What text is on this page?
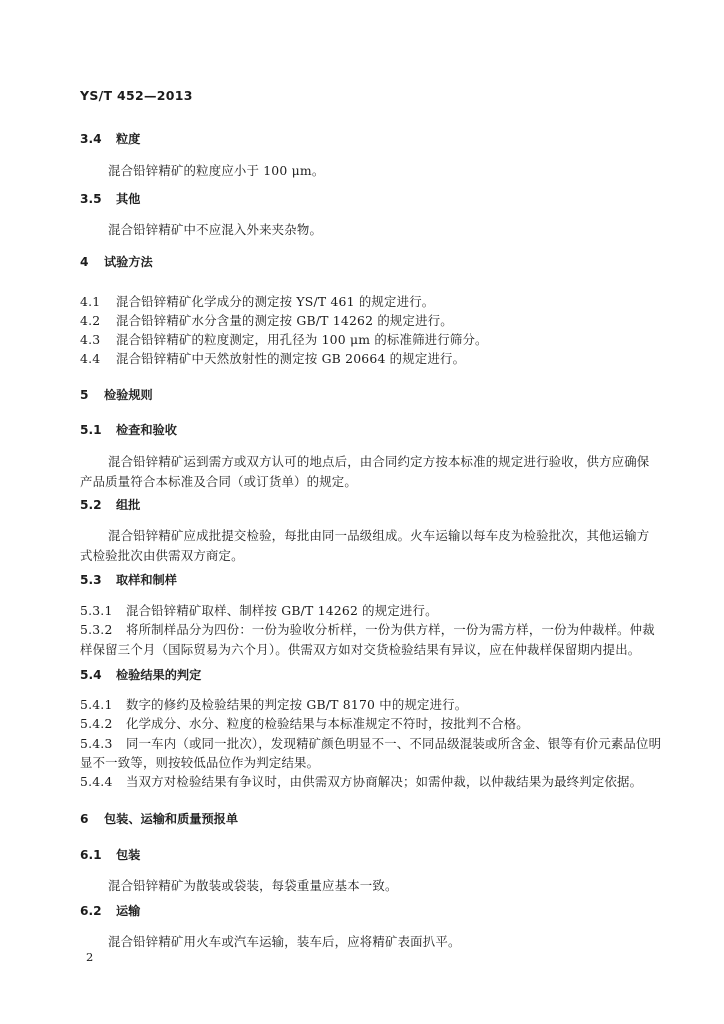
YS/T 452—2013
3.4 粒度
混合铅锌精矿的粒度应小于 100 μm。
3.5 其他
混合铅锌精矿中不应混入外来夹杂物。
4 试验方法
4.1 混合铅锌精矿化学成分的测定按 YS/T 461 的规定进行。
4.2 混合铅锌精矿水分含量的测定按 GB/T 14262 的规定进行。
4.3 混合铅锌精矿的粒度测定，用孔径为 100 μm 的标准筛进行筛分。
4.4 混合铅锌精矿中天然放射性的测定按 GB 20664 的规定进行。
5 检验规则
5.1 检查和验收
混合铅锌精矿运到需方或双方认可的地点后，由合同约定方按本标准的规定进行验收，供方应确保
产品质量符合本标准及合同（或订货单）的规定。
5.2 组批
混合铅锌精矿应成批提交检验，每批由同一品级组成。火车运输以每车皮为检验批次，其他运输方
式检验批次由供需双方商定。
5.3 取样和制样
5.3.1 混合铅锌精矿取样、制样按 GB/T 14262 的规定进行。
5.3.2 将所制样品分为四份：一份为验收分析样，一份为供方样，一份为需方样，一份为仲裁样。仲裁
样保留三个月（国际贸易为六个月）。供需双方如对交货检验结果有异议，应在仲裁样保留期内提出。
5.4 检验结果的判定
5.4.1 数字的修约及检验结果的判定按 GB/T 8170 中的规定进行。
5.4.2 化学成分、水分、粒度的检验结果与本标准规定不符时，按批判不合格。
5.4.3 同一车内（或同一批次），发现精矿颜色明显不一、不同品级混装或所含金、银等有价元素品位明
显不一致等，则按较低品位作为判定结果。
5.4.4 当双方对检验结果有争议时，由供需双方协商解决；如需仲裁，以仲裁结果为最终判定依据。
6 包装、运输和质量预报单
6.1 包装
混合铅锌精矿为散装或袋装，每袋重量应基本一致。
6.2 运输
混合铅锌精矿用火车或汽车运输，装车后，应将精矿表面扒平。
2
